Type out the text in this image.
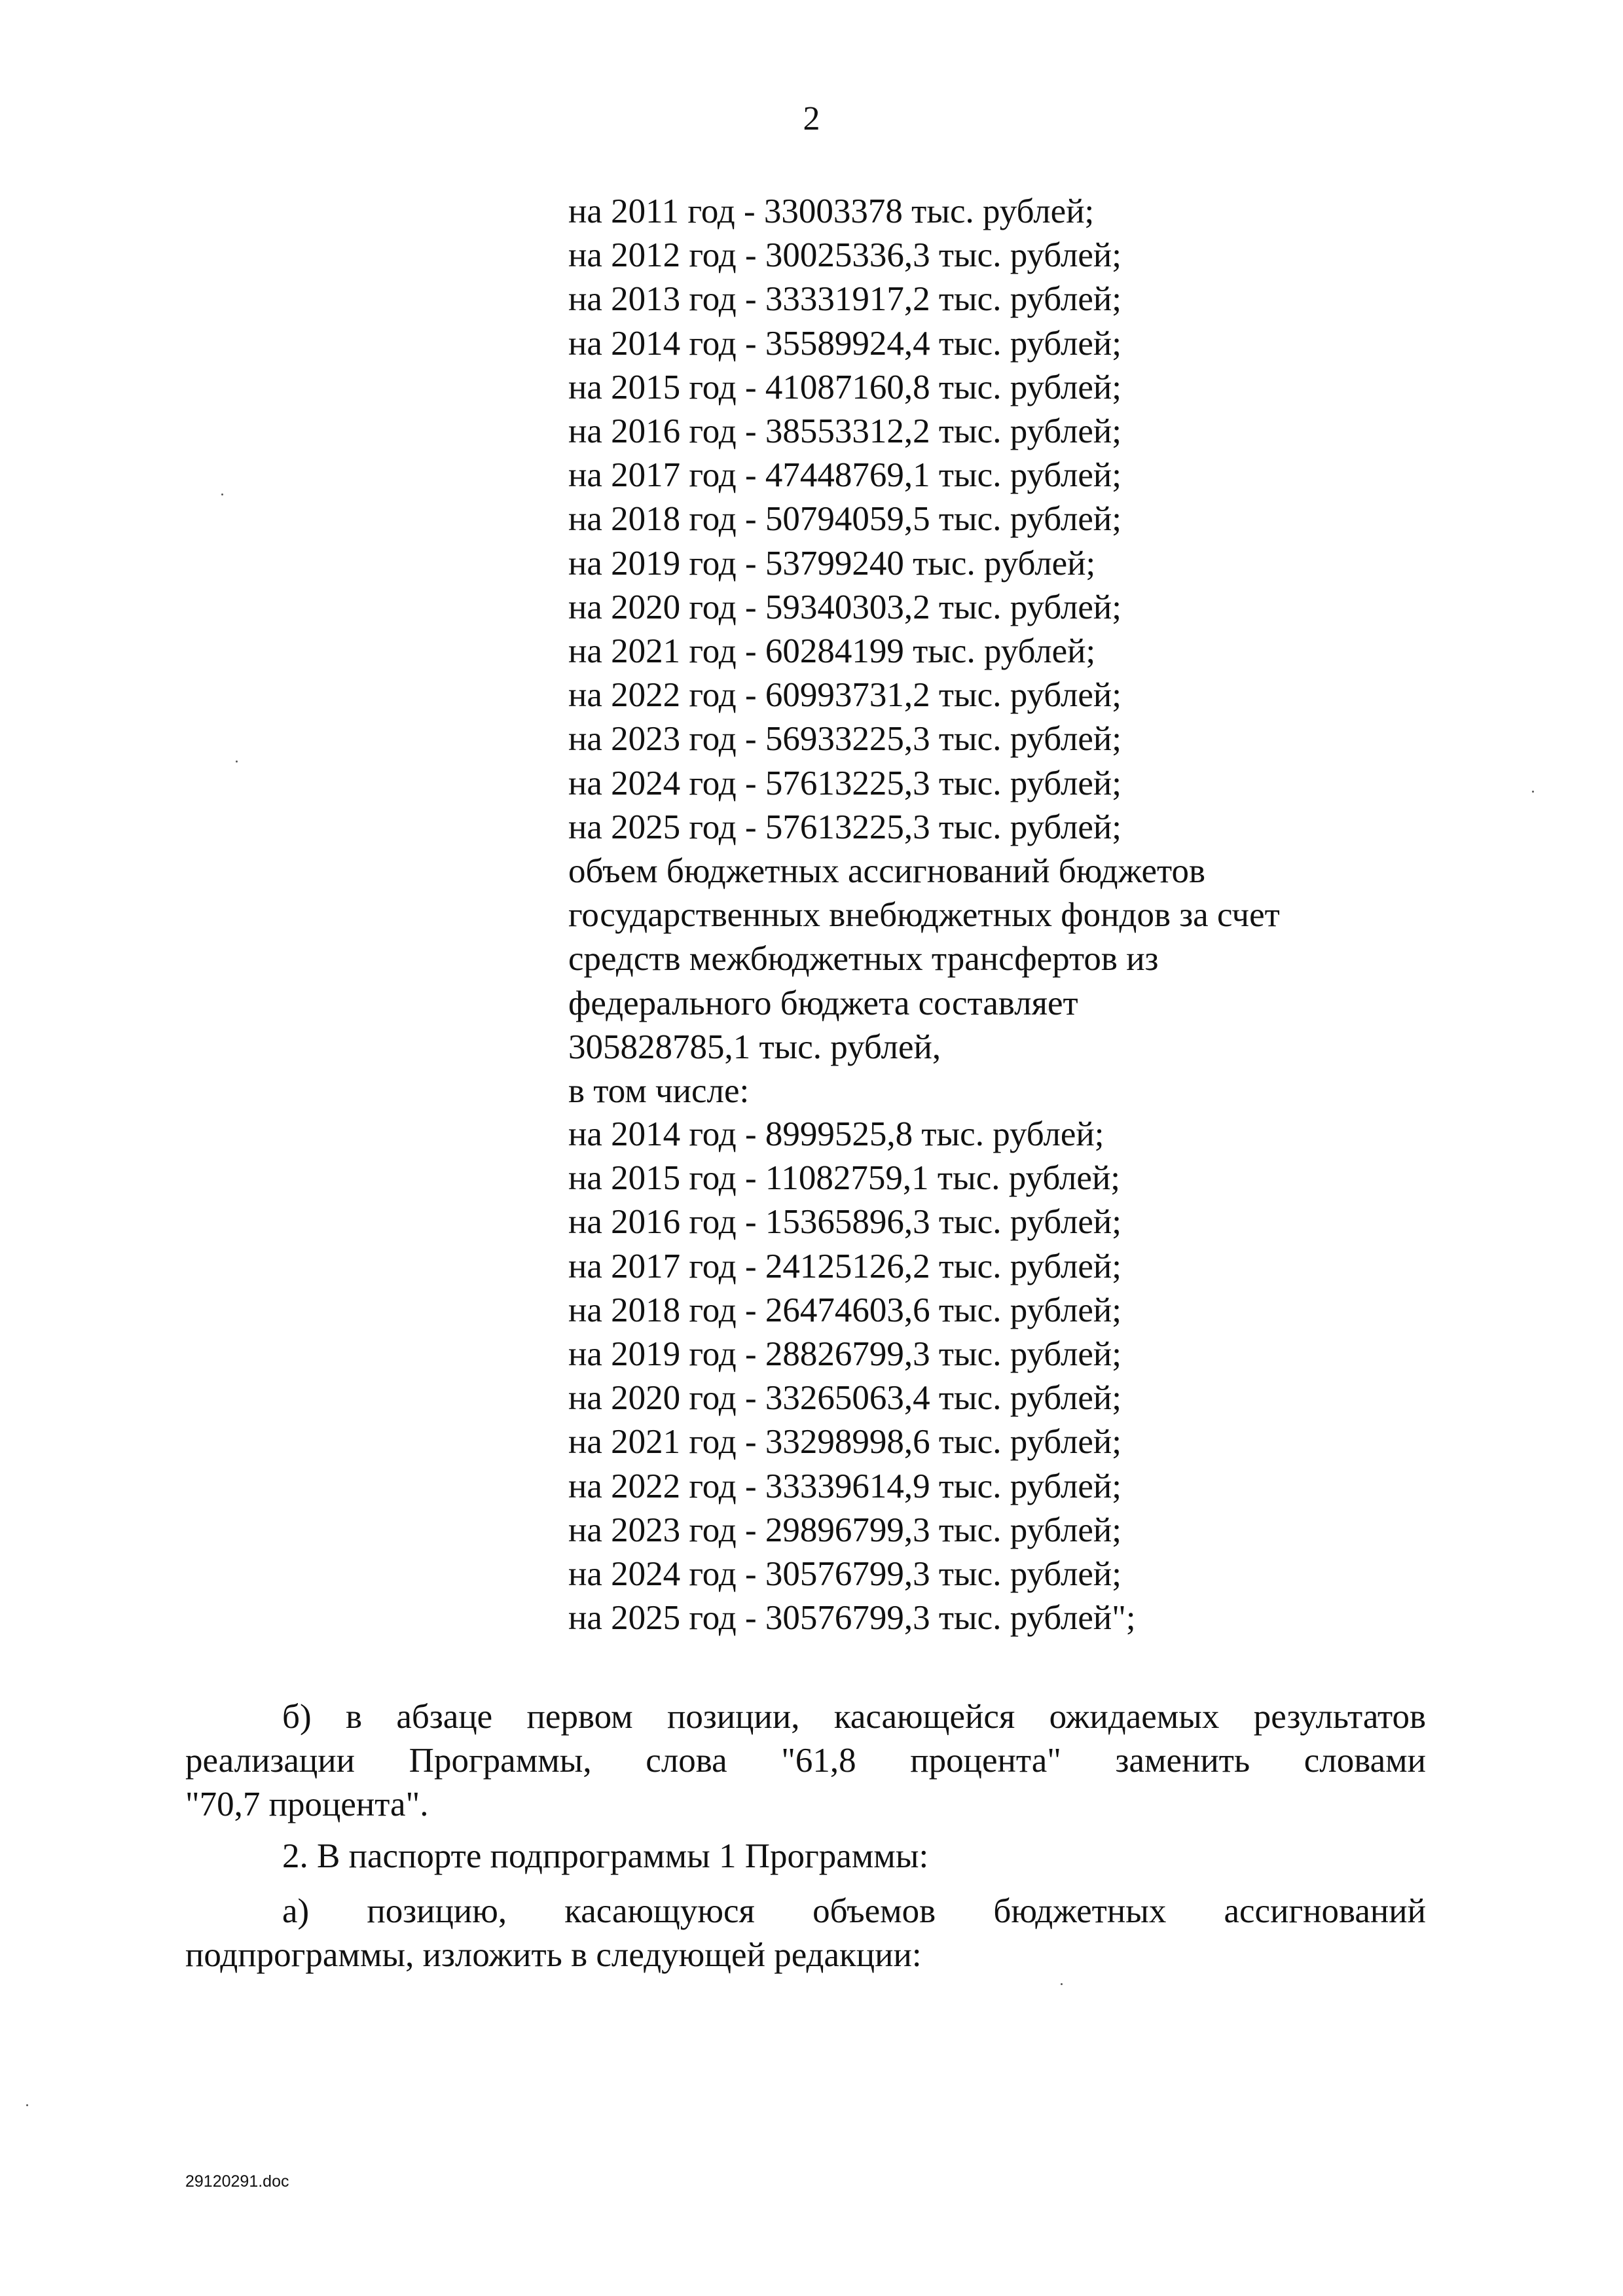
2
на 2011 год - 33003378 тыс. рублей;
на 2012 год - 30025336,3 тыс. рублей;
на 2013 год - 33331917,2 тыс. рублей;
на 2014 год - 35589924,4 тыс. рублей;
на 2015 год - 41087160,8 тыс. рублей;
на 2016 год - 38553312,2 тыс. рублей;
на 2017 год - 47448769,1 тыс. рублей;
на 2018 год - 50794059,5 тыс. рублей;
на 2019 год - 53799240 тыс. рублей;
на 2020 год - 59340303,2 тыс. рублей;
на 2021 год - 60284199 тыс. рублей;
на 2022 год - 60993731,2 тыс. рублей;
на 2023 год - 56933225,3 тыс. рублей;
на 2024 год - 57613225,3 тыс. рублей;
на 2025 год - 57613225,3 тыс. рублей;
объем бюджетных ассигнований бюджетов
государственных внебюджетных фондов за счет
средств межбюджетных трансфертов из
федерального бюджета составляет
305828785,1 тыс. рублей,
в том числе:
на 2014 год - 8999525,8 тыс. рублей;
на 2015 год - 11082759,1 тыс. рублей;
на 2016 год - 15365896,3 тыс. рублей;
на 2017 год - 24125126,2 тыс. рублей;
на 2018 год - 26474603,6 тыс. рублей;
на 2019 год - 28826799,3 тыс. рублей;
на 2020 год - 33265063,4 тыс. рублей;
на 2021 год - 33298998,6 тыс. рублей;
на 2022 год - 33339614,9 тыс. рублей;
на 2023 год - 29896799,3 тыс. рублей;
на 2024 год - 30576799,3 тыс. рублей;
на 2025 год - 30576799,3 тыс. рублей";
б) в абзаце первом позиции, касающейся ожидаемых результатов
реализации Программы, слова "61,8 процента" заменить словами
"70,7 процента".
2. В паспорте подпрограммы 1 Программы:
а) позицию, касающуюся объемов бюджетных ассигнований
подпрограммы, изложить в следующей редакции:
29120291.doc
